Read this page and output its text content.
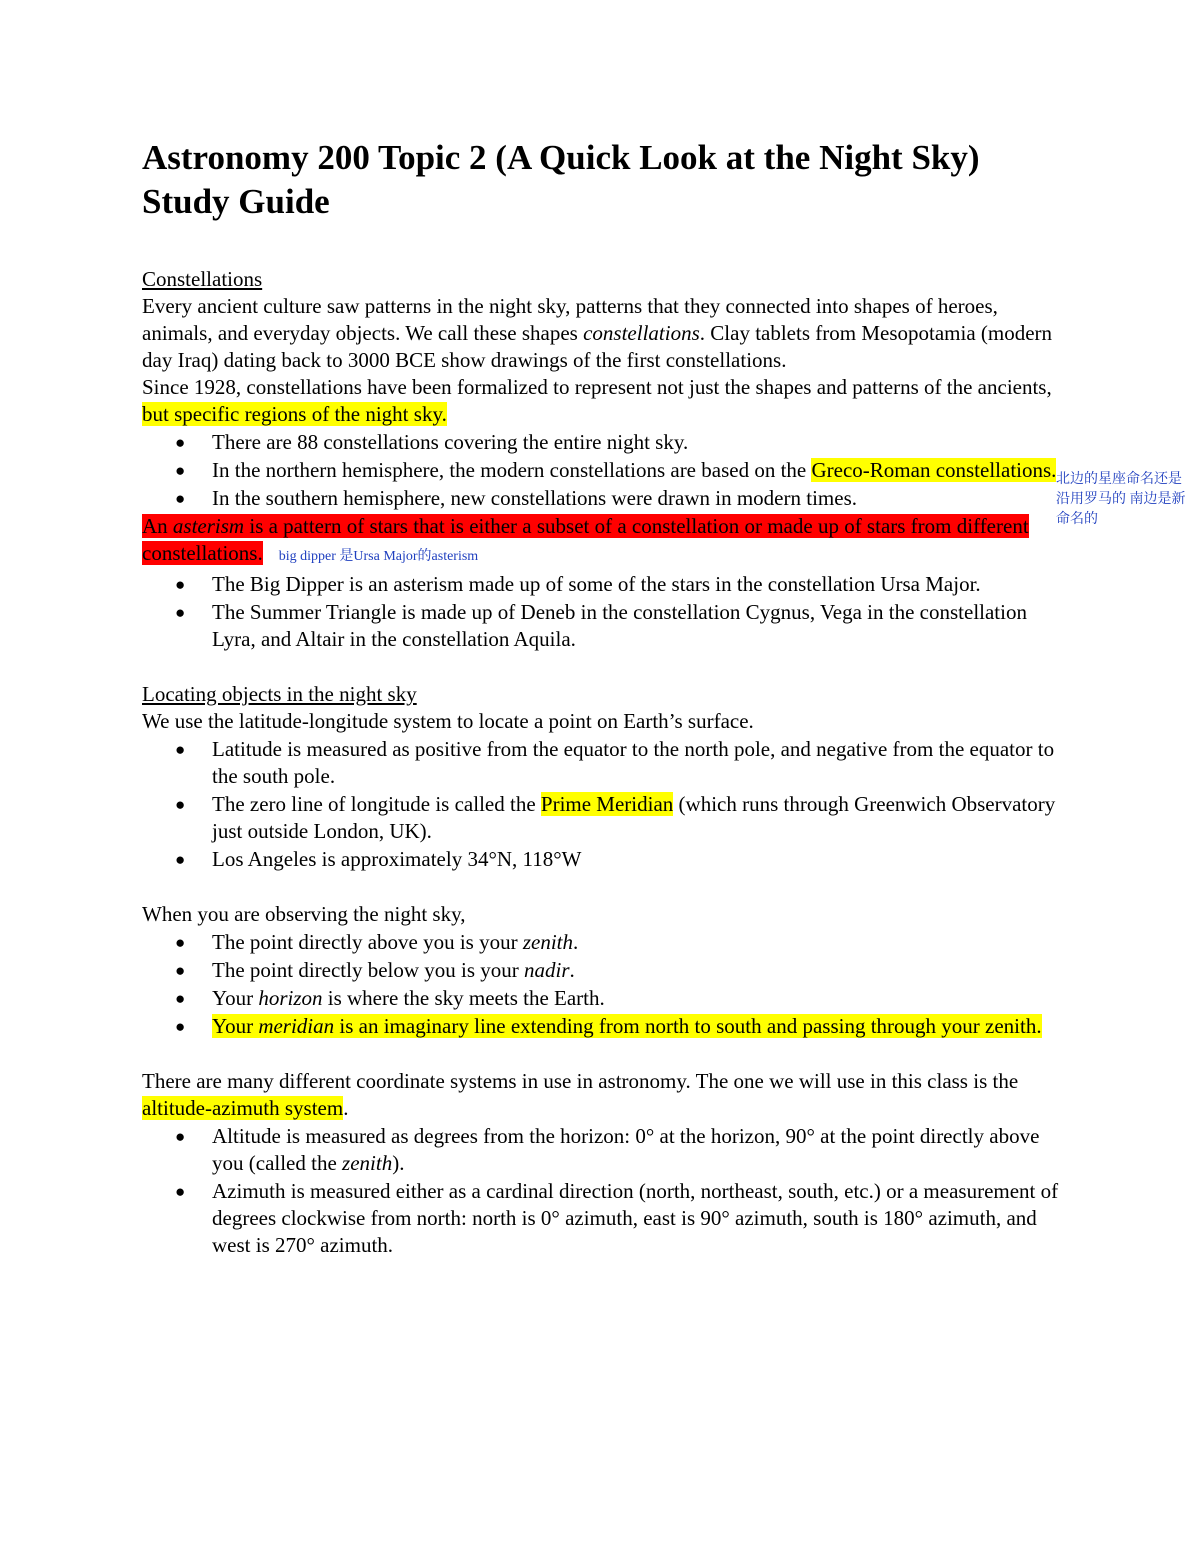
Astronomy 200 Topic 2 (A Quick Look at the Night Sky) Study Guide

Constellations

Every ancient culture saw patterns in the night sky, patterns that they connected into shapes of heroes, animals, and everyday objects. We call these shapes constellations. Clay tablets from Mesopotamia (modern day Iraq) dating back to 3000 BCE show drawings of the first constellations.

Since 1928, constellations have been formalized to represent not just the shapes and patterns of the ancients, but specific regions of the night sky.

● There are 88 constellations covering the entire night sky.
● In the northern hemisphere, the modern constellations are based on the Greco-Roman constellations.
● In the southern hemisphere, new constellations were drawn in modern times.

An asterism is a pattern of stars that is either a subset of a constellation or made up of stars from different constellations. big dipper 是Ursa Major的asterism

● The Big Dipper is an asterism made up of some of the stars in the constellation Ursa Major.
● The Summer Triangle is made up of Deneb in the constellation Cygnus, Vega in the constellation Lyra, and Altair in the constellation Aquila.

Locating objects in the night sky

We use the latitude-longitude system to locate a point on Earth’s surface.

● Latitude is measured as positive from the equator to the north pole, and negative from the equator to the south pole.
● The zero line of longitude is called the Prime Meridian (which runs through Greenwich Observatory just outside London, UK).
● Los Angeles is approximately 34°N, 118°W

When you are observing the night sky,

● The point directly above you is your zenith.
● The point directly below you is your nadir.
● Your horizon is where the sky meets the Earth.
● Your meridian is an imaginary line extending from north to south and passing through your zenith.

There are many different coordinate systems in use in astronomy. The one we will use in this class is the altitude-azimuth system.

● Altitude is measured as degrees from the horizon: 0° at the horizon, 90° at the point directly above you (called the zenith).
● Azimuth is measured either as a cardinal direction (north, northeast, south, etc.) or a measurement of degrees clockwise from north: north is 0° azimuth, east is 90° azimuth, south is 180° azimuth, and west is 270° azimuth.
北边的星座命名还是沿用罗马的 南边是新命名的
